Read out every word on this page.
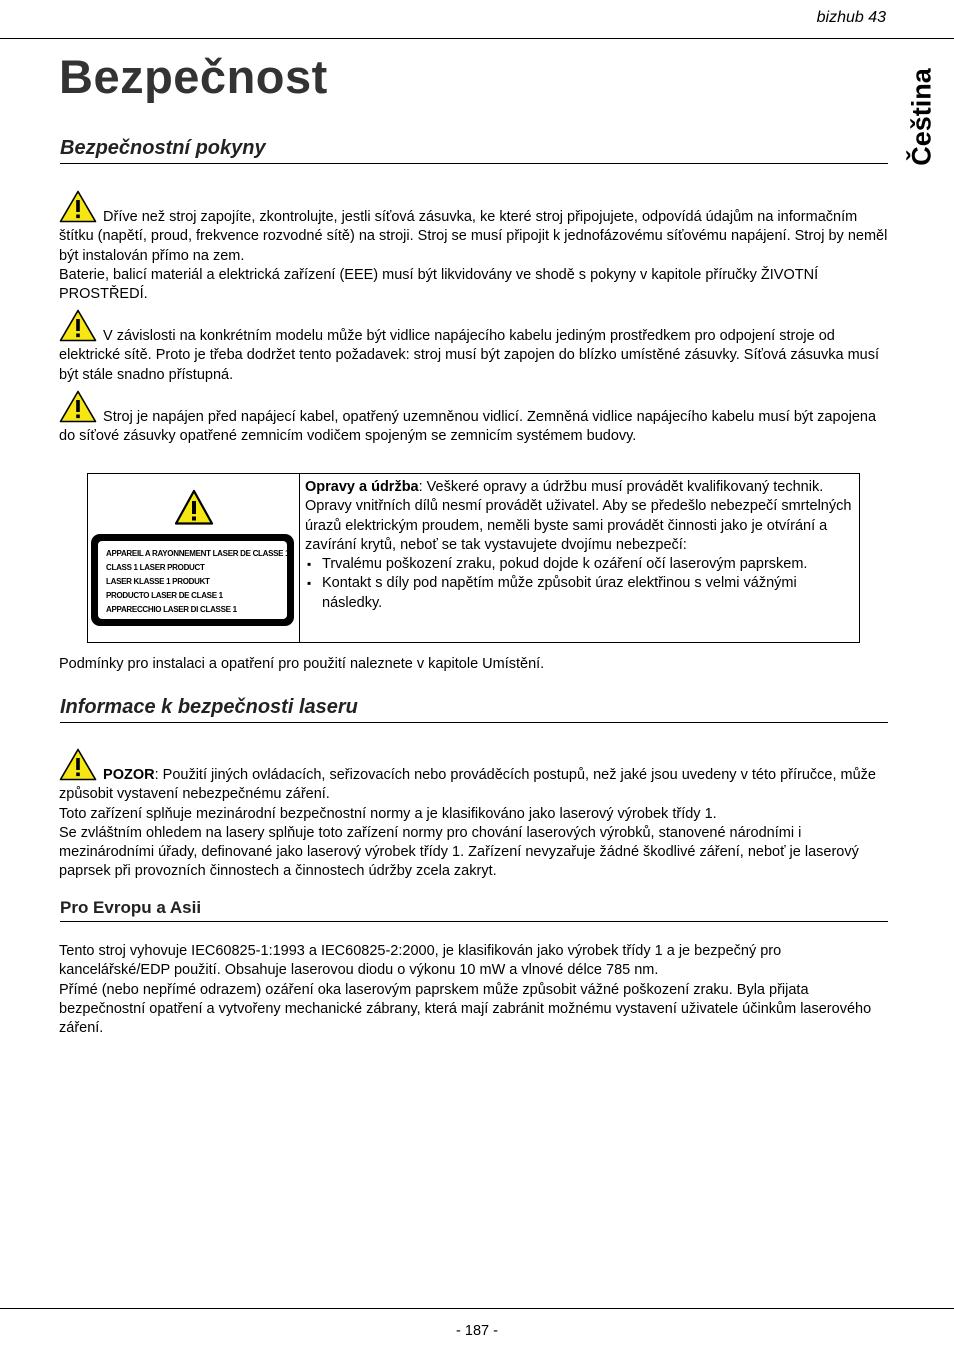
bizhub 43
Bezpečnost	Čeština
Bezpečnostní pokyny

Dříve než stroj zapojíte, zkontrolujte, jestli síťová zásuvka, ke které stroj připojujete, odpovídá údajům na informačním štítku (napětí, proud, frekvence rozvodné sítě) na stroji. Stroj se musí připojit k jednofázovému síťovému napájení. Stroj by neměl být instalován přímo na zem.

Baterie, balicí materiál a elektrická zařízení (EEE) musí být likvidovány ve shodě s pokyny v kapitole příručky ŽIVOTNÍ PROSTŘEDÍ.

V závislosti na konkrétním modelu může být vidlice napájecího kabelu jediným prostředkem pro odpojení stroje od elektrické sítě. Proto je třeba dodržet tento požadavek: stroj musí být zapojen do blízko umístěné zásuvky. Síťová zásuvka musí být stále snadno přístupná.

Stroj je napájen před napájecí kabel, opatřený uzemněnou vidlicí. Zemněná vidlice napájecího kabelu musí být zapojena do síťové zásuvky opatřené zemnicím vodičem spojeným se zemnicím systémem budovy.

APPAREIL A RAYONNEMENT LASER DE CLASSE 1
CLASS 1 LASER PRODUCT
LASER KLASSE 1 PRODUKT
PRODUCTO LASER DE CLASE 1
APPARECCHIO LASER DI CLASSE 1
Opravy a údržba: Veškeré opravy a údržbu musí provádět kvalifikovaný technik. Opravy vnitřních dílů nesmí provádět uživatel. Aby se předešlo nebezpečí smrtelných úrazů elektrickým proudem, neměli byste sami provádět činnosti jako je otvírání a zavírání krytů, neboť se tak vystavujete dvojímu nebezpečí:
▪ Trvalému poškození zraku, pokud dojde k ozáření očí laserovým paprskem.
▪ Kontakt s díly pod napětím může způsobit úraz elektřinou s velmi vážnými následky.
Podmínky pro instalaci a opatření pro použití naleznete v kapitole Umístění.
Informace k bezpečnosti laseru

POZOR: Použití jiných ovládacích, seřizovacích nebo prováděcích postupů, než jaké jsou uvedeny v této příručce, může způsobit vystavení nebezpečnému záření.

Toto zařízení splňuje mezinárodní bezpečnostní normy a je klasifikováno jako laserový výrobek třídy 1.

Se zvláštním ohledem na lasery splňuje toto zařízení normy pro chování laserových výrobků, stanovené národními i mezinárodními úřady, definované jako laserový výrobek třídy 1. Zařízení nevyzařuje žádné škodlivé záření, neboť je laserový paprsek při provozních činnostech a činnostech údržby zcela zakryt.

Pro Evropu a Asii

Tento stroj vyhovuje IEC60825-1:1993 a IEC60825-2:2000, je klasifikován jako výrobek třídy 1 a je bezpečný pro kancelářské/EDP použití. Obsahuje laserovou diodu o výkonu 10 mW a vlnové délce 785 nm.

Přímé (nebo nepřímé odrazem) ozáření oka laserovým paprskem může způsobit vážné poškození zraku. Byla přijata bezpečnostní opatření a vytvořeny mechanické zábrany, která mají zabránit možnému vystavení uživatele účinkům laserového záření.

- 187 -
